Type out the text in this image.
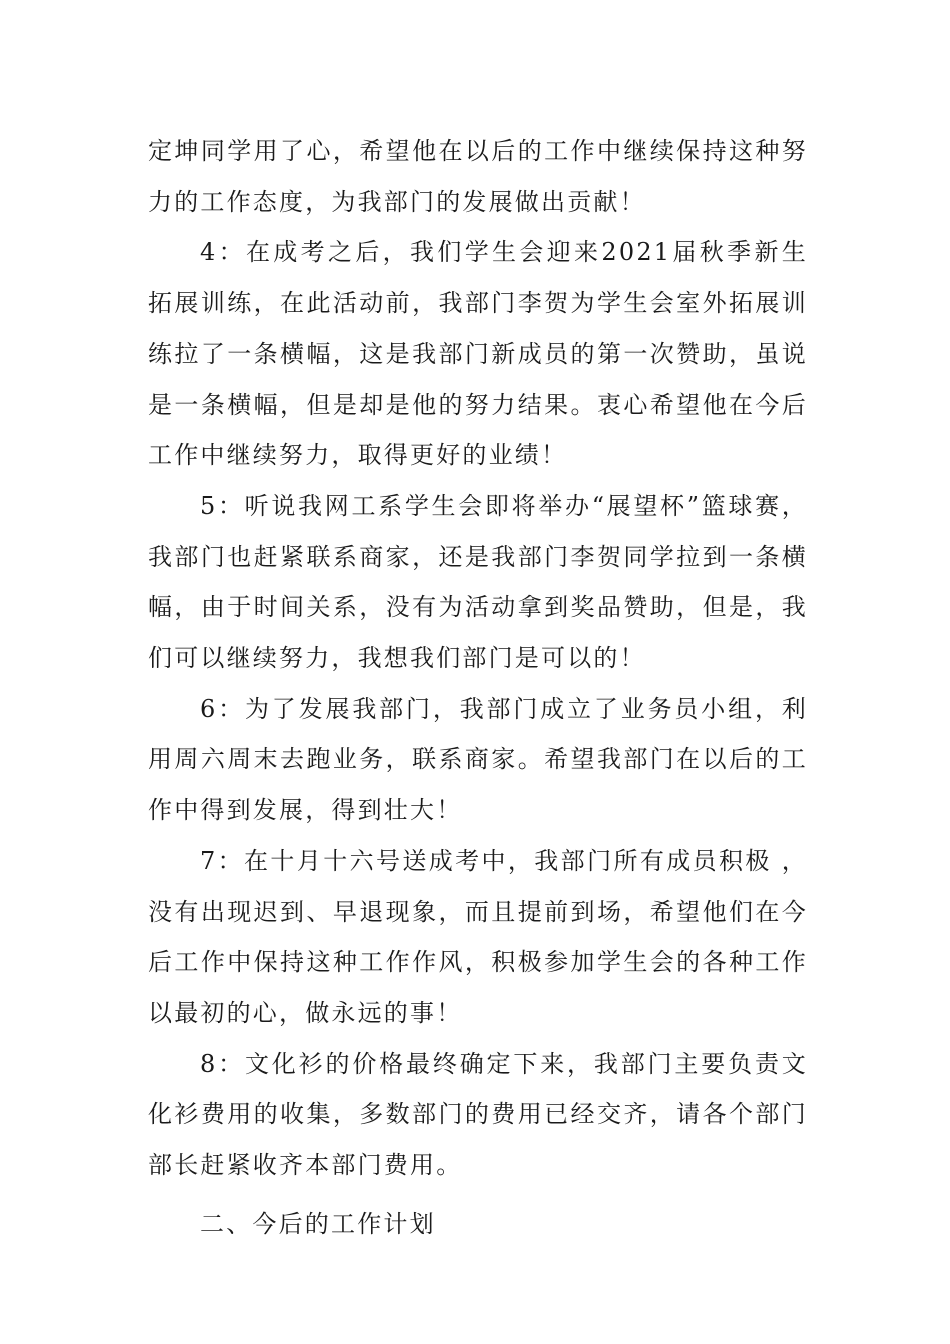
定坤同学用了心，希望他在以后的工作中继续保持这种努力的工作态度，为我部门的发展做出贡献！

4：在成考之后，我们学生会迎来2021届秋季新生拓展训练，在此活动前，我部门李贺为学生会室外拓展训练拉了一条横幅，这是我部门新成员的第一次赞助，虽说是一条横幅，但是却是他的努力结果。衷心希望他在今后工作中继续努力，取得更好的业绩！

5：听说我网工系学生会即将举办“展望杯”篮球赛，我部门也赶紧联系商家，还是我部门李贺同学拉到一条横幅，由于时间关系，没有为活动拿到奖品赞助，但是，我们可以继续努力，我想我们部门是可以的！

6：为了发展我部门，我部门成立了业务员小组，利用周六周末去跑业务，联系商家。希望我部门在以后的工作中得到发展，得到壮大！

7：在十月十六号送成考中，我部门所有成员积极 ，没有出现迟到、早退现象，而且提前到场，希望他们在今后工作中保持这种工作作风，积极参加学生会的各种工作以最初的心，做永远的事！

8：文化衫的价格最终确定下来，我部门主要负责文化衫费用的收集，多数部门的费用已经交齐，请各个部门部长赶紧收齐本部门费用。

二、今后的工作计划
